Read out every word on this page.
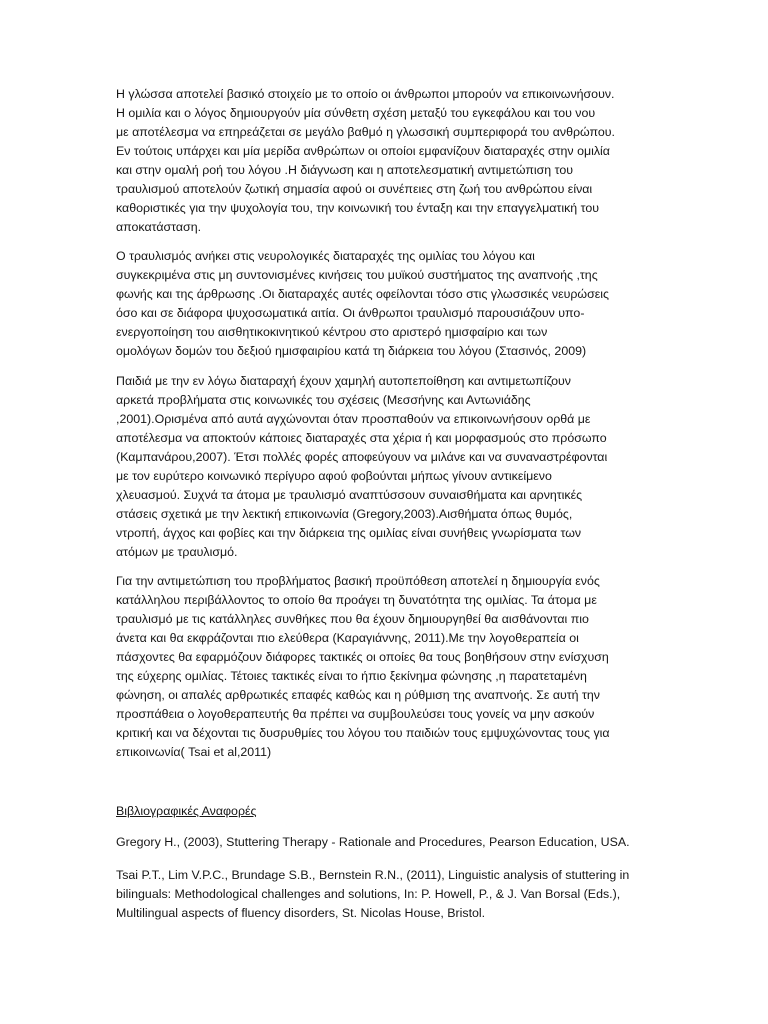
Η γλώσσα αποτελεί βασικό στοιχείο με το οποίο οι άνθρωποι μπορούν να επικοινωνήσουν.
Η ομιλία και ο λόγος δημιουργούν μία σύνθετη σχέση μεταξύ του εγκεφάλου και του νου
με αποτέλεσμα να επηρεάζεται σε μεγάλο βαθμό η γλωσσική συμπεριφορά του ανθρώπου.
Εν τούτοις υπάρχει και μία μερίδα ανθρώπων οι οποίοι εμφανίζουν διαταραχές στην ομιλία
και στην ομαλή ροή του λόγου .Η διάγνωση και η αποτελεσματική αντιμετώπιση του
τραυλισμού αποτελούν ζωτική σημασία αφού οι συνέπειες στη ζωή του ανθρώπου είναι
καθοριστικές για την ψυχολογία του, την κοινωνική του ένταξη και την επαγγελματική του
αποκατάσταση.
Ο τραυλισμός ανήκει στις νευρολογικές διαταραχές της ομιλίας του λόγου και
συγκεκριμένα στις μη συντονισμένες κινήσεις του μυϊκού συστήματος της αναπνοής ,της
φωνής και της άρθρωσης .Οι διαταραχές αυτές οφείλονται τόσο στις γλωσσικές νευρώσεις
όσο και σε διάφορα ψυχοσωματικά αιτία. Οι άνθρωποι τραυλισμό παρουσιάζουν υπο-
ενεργοποίηση του αισθητικοκινητικού κέντρου στο αριστερό ημισφαίριο και των
ομολόγων δομών του δεξιού ημισφαιρίου κατά τη διάρκεια του λόγου (Στασινός, 2009)
Παιδιά με την εν λόγω διαταραχή έχουν χαμηλή αυτοπεποίθηση και αντιμετωπίζουν
αρκετά προβλήματα στις κοινωνικές του σχέσεις (Μεσσήνης και Αντωνιάδης
,2001).Ορισμένα από αυτά αγχώνονται όταν προσπαθούν να επικοινωνήσουν ορθά με
αποτέλεσμα να αποκτούν κάποιες διαταραχές στα χέρια ή και μορφασμούς στο πρόσωπο
(Καμπανάρου,2007). Έτσι πολλές φορές αποφεύγουν να μιλάνε και να συναναστρέφονται
με τον ευρύτερο κοινωνικό περίγυρο αφού φοβούνται μήπως γίνουν αντικείμενο
χλευασμού. Συχνά τα άτομα με τραυλισμό αναπτύσσουν συναισθήματα και αρνητικές
στάσεις σχετικά με την λεκτική επικοινωνία (Gregory,2003).Αισθήματα όπως θυμός,
ντροπή, άγχος και φοβίες και την διάρκεια της ομιλίας είναι συνήθεις γνωρίσματα των
ατόμων με τραυλισμό.
Για την αντιμετώπιση του προβλήματος βασική προϋπόθεση αποτελεί η δημιουργία ενός
κατάλληλου περιβάλλοντος το οποίο θα προάγει τη δυνατότητα της ομιλίας. Τα άτομα με
τραυλισμό με τις κατάλληλες συνθήκες που θα έχουν δημιουργηθεί θα αισθάνονται πιο
άνετα και θα εκφράζονται πιο ελεύθερα (Καραγιάννης, 2011).Με την λογοθεραπεία οι
πάσχοντες θα εφαρμόζουν διάφορες τακτικές οι οποίες θα τους βοηθήσουν στην ενίσχυση
της εύχερης ομιλίας. Τέτοιες τακτικές είναι το ήπιο ξεκίνημα φώνησης ,η παρατεταμένη
φώνηση, οι απαλές αρθρωτικές επαφές καθώς και η ρύθμιση της αναπνοής. Σε αυτή την
προσπάθεια ο λογοθεραπευτής θα πρέπει να συμβουλεύσει τους γονείς να μην ασκούν
κριτική και να δέχονται τις δυσρυθμίες του λόγου του παιδιών τους εμψυχώνοντας τους για
επικοινωνία( Tsai et al,2011)
Βιβλιογραφικές Αναφορές
Gregory H., (2003), Stuttering Therapy - Rationale and Procedures, Pearson Education, USA.
Tsai P.T., Lim V.P.C., Brundage S.B., Bernstein R.N., (2011), Linguistic analysis of stuttering in
bilinguals: Methodological challenges and solutions, In: P. Howell, P., & J. Van Borsal (Eds.),
Multilingual aspects of fluency disorders, St. Nicolas House, Bristol.
